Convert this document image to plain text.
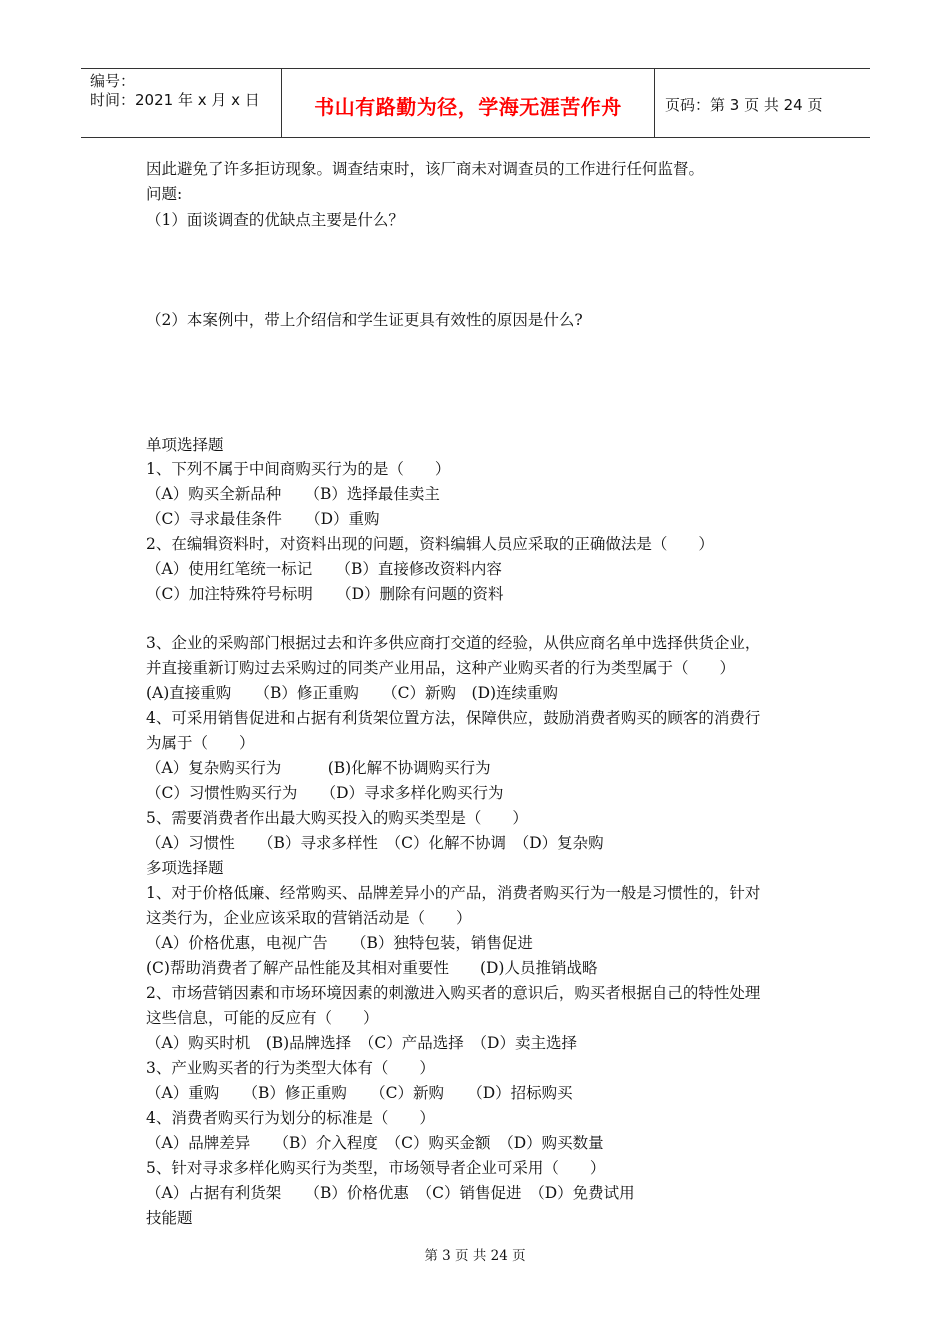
编号：
时间：2021 年 x 月 x 日	书山有路勤为径，学海无涯苦作舟	页码：第 3 页 共 24 页
因此避免了许多拒访现象。调查结束时，该厂商未对调查员的工作进行任何监督。
问题:
（1）面谈调查的优缺点主要是什么？
（2）本案例中，带上介绍信和学生证更具有效性的原因是什么?
单项选择题
1、下列不属于中间商购买行为的是（　　）
（A）购买全新品种　　（B）选择最佳卖主
（C）寻求最佳条件　　（D）重购
2、在编辑资料时，对资料出现的问题，资料编辑人员应采取的正确做法是（　　）
（A）使用红笔统一标记　　（B）直接修改资料内容
（C）加注特殊符号标明　　（D）删除有问题的资料
3、企业的采购部门根据过去和许多供应商打交道的经验，从供应商名单中选择供货企业，
并直接重新订购过去采购过的同类产业用品，这种产业购买者的行为类型属于（　　）
(A)直接重购　　（B）修正重购　　（C）新购　(D)连续重购
4、可采用销售促进和占据有利货架位置方法，保障供应，鼓励消费者购买的顾客的消费行
为属于（　　）
（A）复杂购买行为　　　(B)化解不协调购买行为
（C）习惯性购买行为　　（D）寻求多样化购买行为
5、需要消费者作出最大购买投入的购买类型是（　　）
（A）习惯性　　（B）寻求多样性　（C）化解不协调　（D）复杂购
多项选择题
1、对于价格低廉、经常购买、品牌差异小的产品，消费者购买行为一般是习惯性的，针对
这类行为，企业应该采取的营销活动是（　　）
（A）价格优惠，电视广告　　（B）独特包装，销售促进
(C)帮助消费者了解产品性能及其相对重要性　　(D)人员推销战略
2、市场营销因素和市场环境因素的刺激进入购买者的意识后，购买者根据自己的特性处理
这些信息，可能的反应有（　　）
（A）购买时机　(B)品牌选择　（C）产品选择　（D）卖主选择
3、产业购买者的行为类型大体有（　　）
（A）重购　　（B）修正重购　　（C）新购　　（D）招标购买
4、消费者购买行为划分的标准是（　　）
（A）品牌差异　　（B）介入程度　（C）购买金额　（D）购买数量
5、针对寻求多样化购买行为类型，市场领导者企业可采用（　　）
（A）占据有利货架　　（B）价格优惠　（C）销售促进　（D）免费试用
技能题
第 3 页 共 24 页
